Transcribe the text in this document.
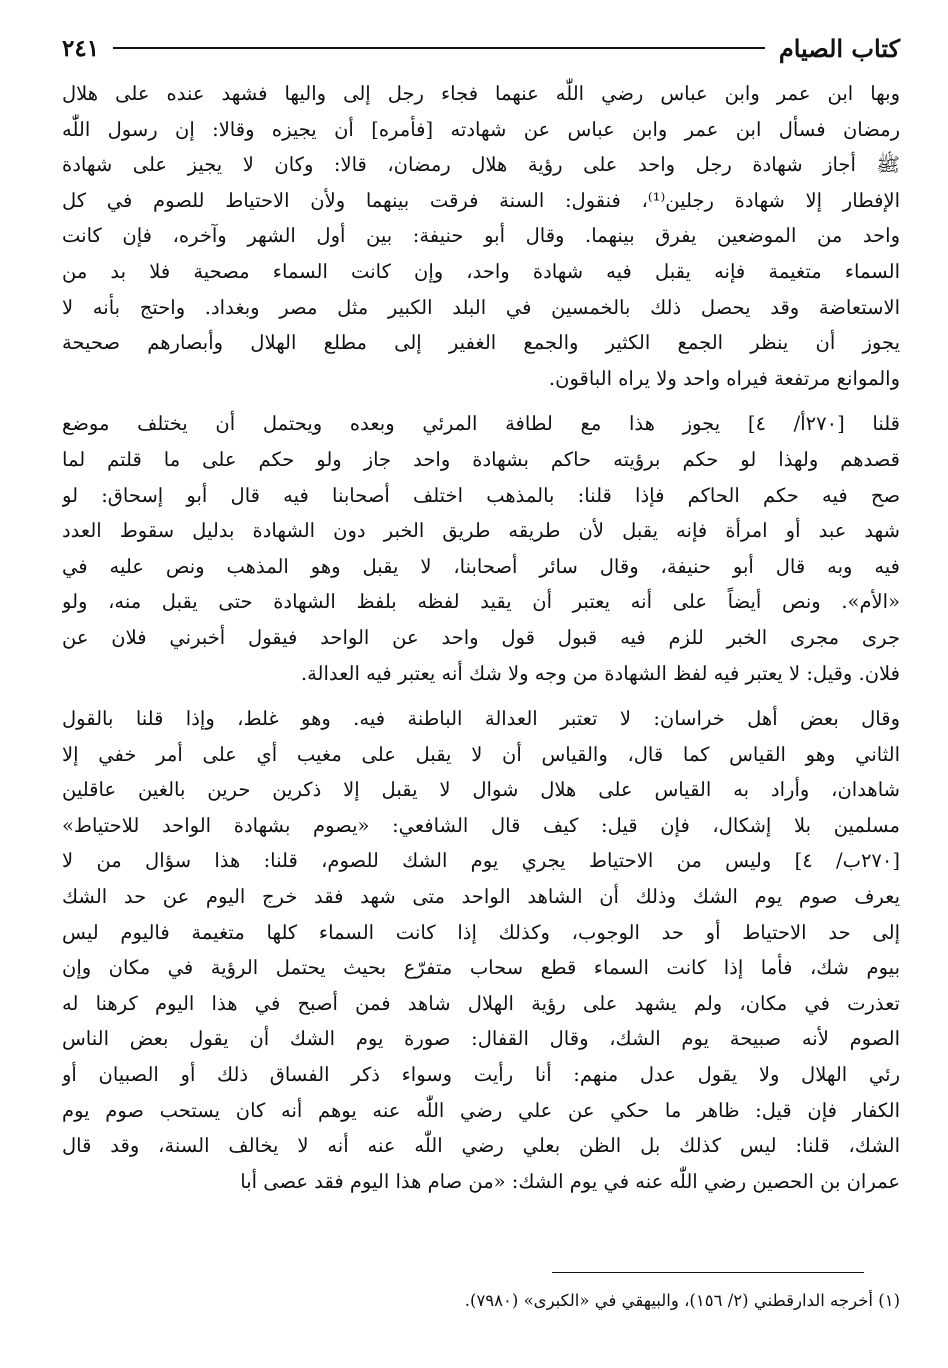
كتاب الصيام
٢٤١
وبها ابن عمر وابن عباس رضي اللّٰه عنهما فجاء رجل إلى واليها فشهد عنده على هلال
رمضان فسأل ابن عمر وابن عباس عن شهادته [فأمره] أن يجيزه وقالا: إن رسول اللّٰه
ﷺ أجاز شهادة رجل واحد على رؤية هلال رمضان، قالا: وكان لا يجيز على شهادة
الإفطار إلا شهادة رجلين⁽¹⁾، فنقول: السنة فرقت بينهما ولأن الاحتياط للصوم في كل
واحد من الموضعين يفرق بينهما. وقال أبو حنيفة: بين أول الشهر وآخره، فإن كانت
السماء متغيمة فإنه يقبل فيه شهادة واحد، وإن كانت السماء مصحية فلا بد من
الاستعاضة وقد يحصل ذلك بالخمسين في البلد الكبير مثل مصر وبغداد. واحتج بأنه لا
يجوز أن ينظر الجمع الكثير والجمع الغفير إلى مطلع الهلال وأبصارهم صحيحة
والموانع مرتفعة فيراه واحد ولا يراه الباقون.
قلنا [٢٧٠أ/ ٤] يجوز هذا مع لطافة المرئي وبعده ويحتمل أن يختلف موضع
قصدهم ولهذا لو حكم برؤيته حاكم بشهادة واحد جاز ولو حكم على ما قلتم لما
صح فيه حكم الحاكم فإذا قلنا: بالمذهب اختلف أصحابنا فيه قال أبو إسحاق: لو
شهد عبد أو امرأة فإنه يقبل لأن طريقه طريق الخبر دون الشهادة بدليل سقوط العدد
فيه وبه قال أبو حنيفة، وقال سائر أصحابنا، لا يقبل وهو المذهب ونص عليه في
«الأم». ونص أيضاً على أنه يعتبر أن يقيد لفظه بلفظ الشهادة حتى يقبل منه، ولو
جرى مجرى الخبر للزم فيه قبول قول واحد عن الواحد فيقول أخبرني فلان عن
فلان. وقيل: لا يعتبر فيه لفظ الشهادة من وجه ولا شك أنه يعتبر فيه العدالة.
وقال بعض أهل خراسان: لا تعتبر العدالة الباطنة فيه. وهو غلط، وإذا قلنا بالقول
الثاني وهو القياس كما قال، والقياس أن لا يقبل على مغيب أي على أمر خفي إلا
شاهدان، وأراد به القياس على هلال شوال لا يقبل إلا ذكرين حرين بالغين عاقلين
مسلمين بلا إشكال، فإن قيل: كيف قال الشافعي: «يصوم بشهادة الواحد للاحتياط»
[٢٧٠ب/ ٤] وليس من الاحتياط يجري يوم الشك للصوم، قلنا: هذا سؤال من لا
يعرف صوم يوم الشك وذلك أن الشاهد الواحد متى شهد فقد خرج اليوم عن حد الشك
إلى حد الاحتياط أو حد الوجوب، وكذلك إذا كانت السماء كلها متغيمة فاليوم ليس
بيوم شك، فأما إذا كانت السماء قطع سحاب متفرّع بحيث يحتمل الرؤية في مكان وإن
تعذرت في مكان، ولم يشهد على رؤية الهلال شاهد فمن أصبح في هذا اليوم كرهنا له
الصوم لأنه صبيحة يوم الشك، وقال القفال: صورة يوم الشك أن يقول بعض الناس
رئي الهلال ولا يقول عدل منهم: أنا رأيت وسواء ذكر الفساق ذلك أو الصبيان أو
الكفار فإن قيل: ظاهر ما حكي عن علي رضي اللّٰه عنه يوهم أنه كان يستحب صوم يوم
الشك، قلنا: ليس كذلك بل الظن بعلي رضي اللّٰه عنه أنه لا يخالف السنة، وقد قال
عمران بن الحصين رضي اللّٰه عنه في يوم الشك: «من صام هذا اليوم فقد عصى أبا
(١) أخرجه الدارقطني (٢/ ١٥٦)، والبيهقي في «الكبرى» (٧٩٨٠).
